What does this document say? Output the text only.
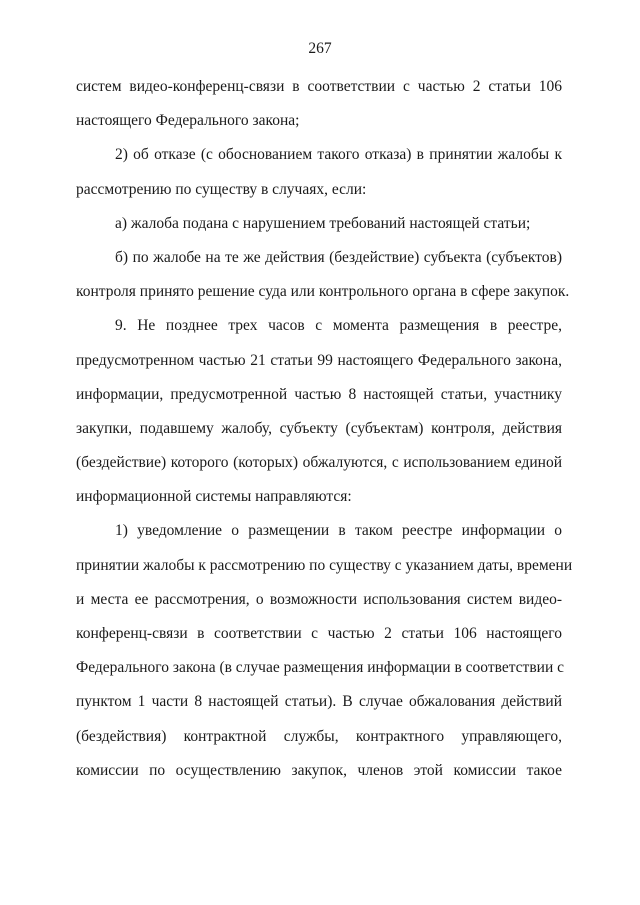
267
систем видео-конференц-связи в соответствии с частью 2 статьи 106
настоящего Федерального закона;
2) об отказе (с обоснованием такого отказа) в принятии жалобы к
рассмотрению по существу в случаях, если:
а) жалоба подана с нарушением требований настоящей статьи;
б) по жалобе на те же действия (бездействие) субъекта (субъектов)
контроля принято решение суда или контрольного органа в сфере закупок.
9. Не позднее трех часов с момента размещения в реестре,
предусмотренном частью 21 статьи 99 настоящего Федерального закона,
информации, предусмотренной частью 8 настоящей статьи, участнику
закупки, подавшему жалобу, субъекту (субъектам) контроля, действия
(бездействие) которого (которых) обжалуются, с использованием единой
информационной системы направляются:
1) уведомление о размещении в таком реестре информации о
принятии жалобы к рассмотрению по существу с указанием даты, времени
и места ее рассмотрения, о возможности использования систем видео-
конференц-связи в соответствии с частью 2 статьи 106 настоящего
Федерального закона (в случае размещения информации в соответствии с
пунктом 1 части 8 настоящей статьи). В случае обжалования действий
(бездействия) контрактной службы, контрактного управляющего,
комиссии по осуществлению закупок, членов этой комиссии такое
